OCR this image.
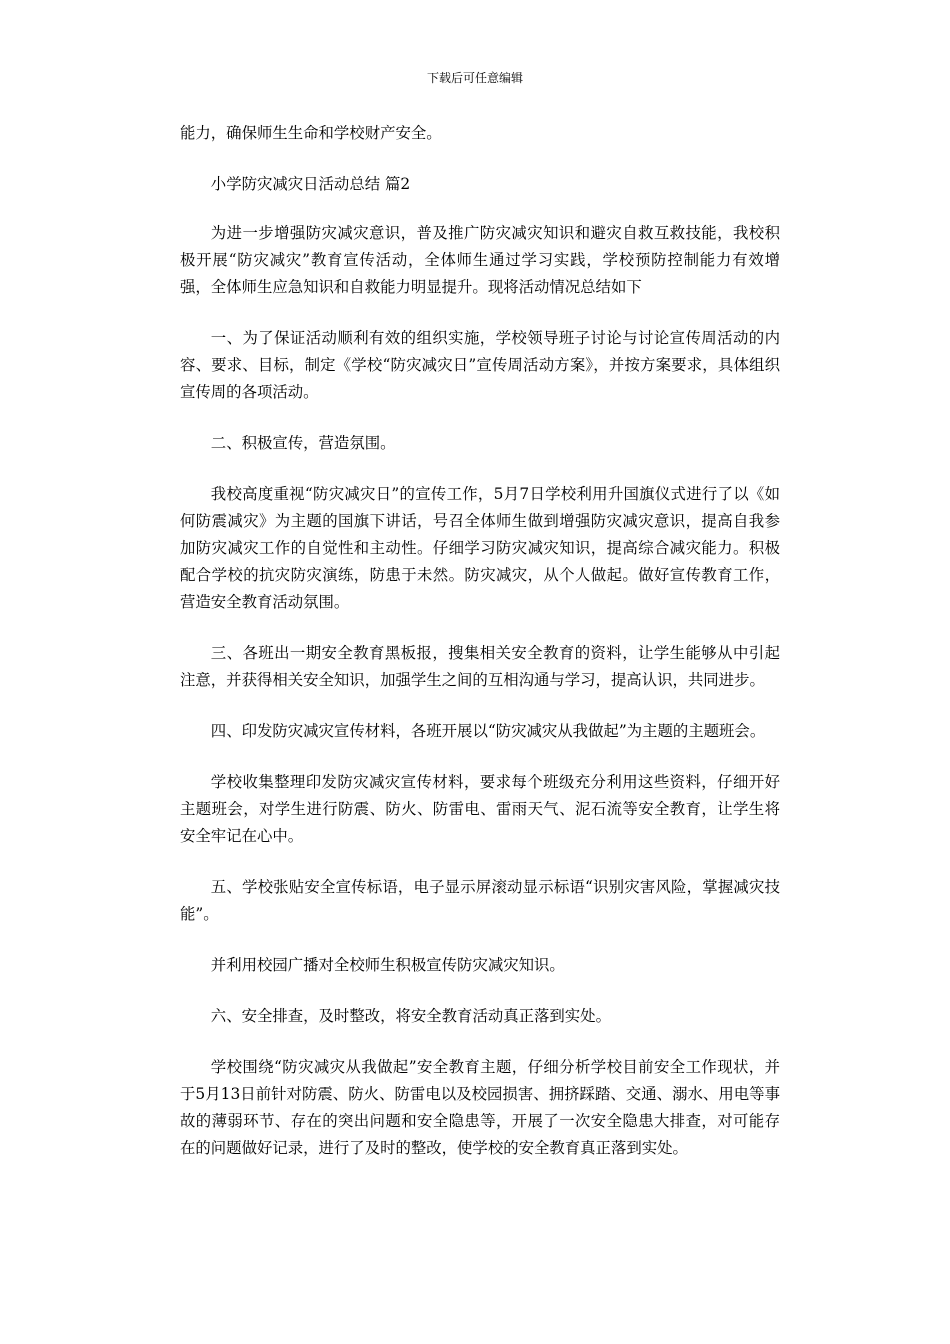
下载后可任意编辑

能力，确保师生生命和学校财产安全。

小学防灾减灾日活动总结 篇2

为进一步增强防灾减灾意识，普及推广防灾减灾知识和避灾自救互救技能，我校积极开展“防灾减灾”教育宣传活动，全体师生通过学习实践，学校预防控制能力有效增强，全体师生应急知识和自救能力明显提升。现将活动情况总结如下

一、为了保证活动顺利有效的组织实施，学校领导班子讨论与讨论宣传周活动的内容、要求、目标，制定《学校“防灾减灾日”宣传周活动方案》，并按方案要求，具体组织宣传周的各项活动。

二、积极宣传，营造氛围。

我校高度重视“防灾减灾日”的宣传工作，5月7日学校利用升国旗仪式进行了以《如何防震减灾》为主题的国旗下讲话，号召全体师生做到增强防灾减灾意识，提高自我参加防灾减灾工作的自觉性和主动性。仔细学习防灾减灾知识，提高综合减灾能力。积极配合学校的抗灾防灾演练，防患于未然。防灾减灾，从个人做起。做好宣传教育工作，营造安全教育活动氛围。

三、各班出一期安全教育黑板报，搜集相关安全教育的资料，让学生能够从中引起注意，并获得相关安全知识，加强学生之间的互相沟通与学习，提高认识，共同进步。

四、印发防灾减灾宣传材料，各班开展以“防灾减灾从我做起”为主题的主题班会。

学校收集整理印发防灾减灾宣传材料，要求每个班级充分利用这些资料，仔细开好主题班会，对学生进行防震、防火、防雷电、雷雨天气、泥石流等安全教育，让学生将安全牢记在心中。

五、学校张贴安全宣传标语，电子显示屏滚动显示标语“识别灾害风险，掌握减灾技能”。

并利用校园广播对全校师生积极宣传防灾减灾知识。

六、安全排查，及时整改，将安全教育活动真正落到实处。

学校围绕“防灾减灾从我做起”安全教育主题，仔细分析学校目前安全工作现状，并于5月13日前针对防震、防火、防雷电以及校园损害、拥挤踩踏、交通、溺水、用电等事故的薄弱环节、存在的突出问题和安全隐患等，开展了一次安全隐患大排查，对可能存在的问题做好记录，进行了及时的整改，使学校的安全教育真正落到实处。
